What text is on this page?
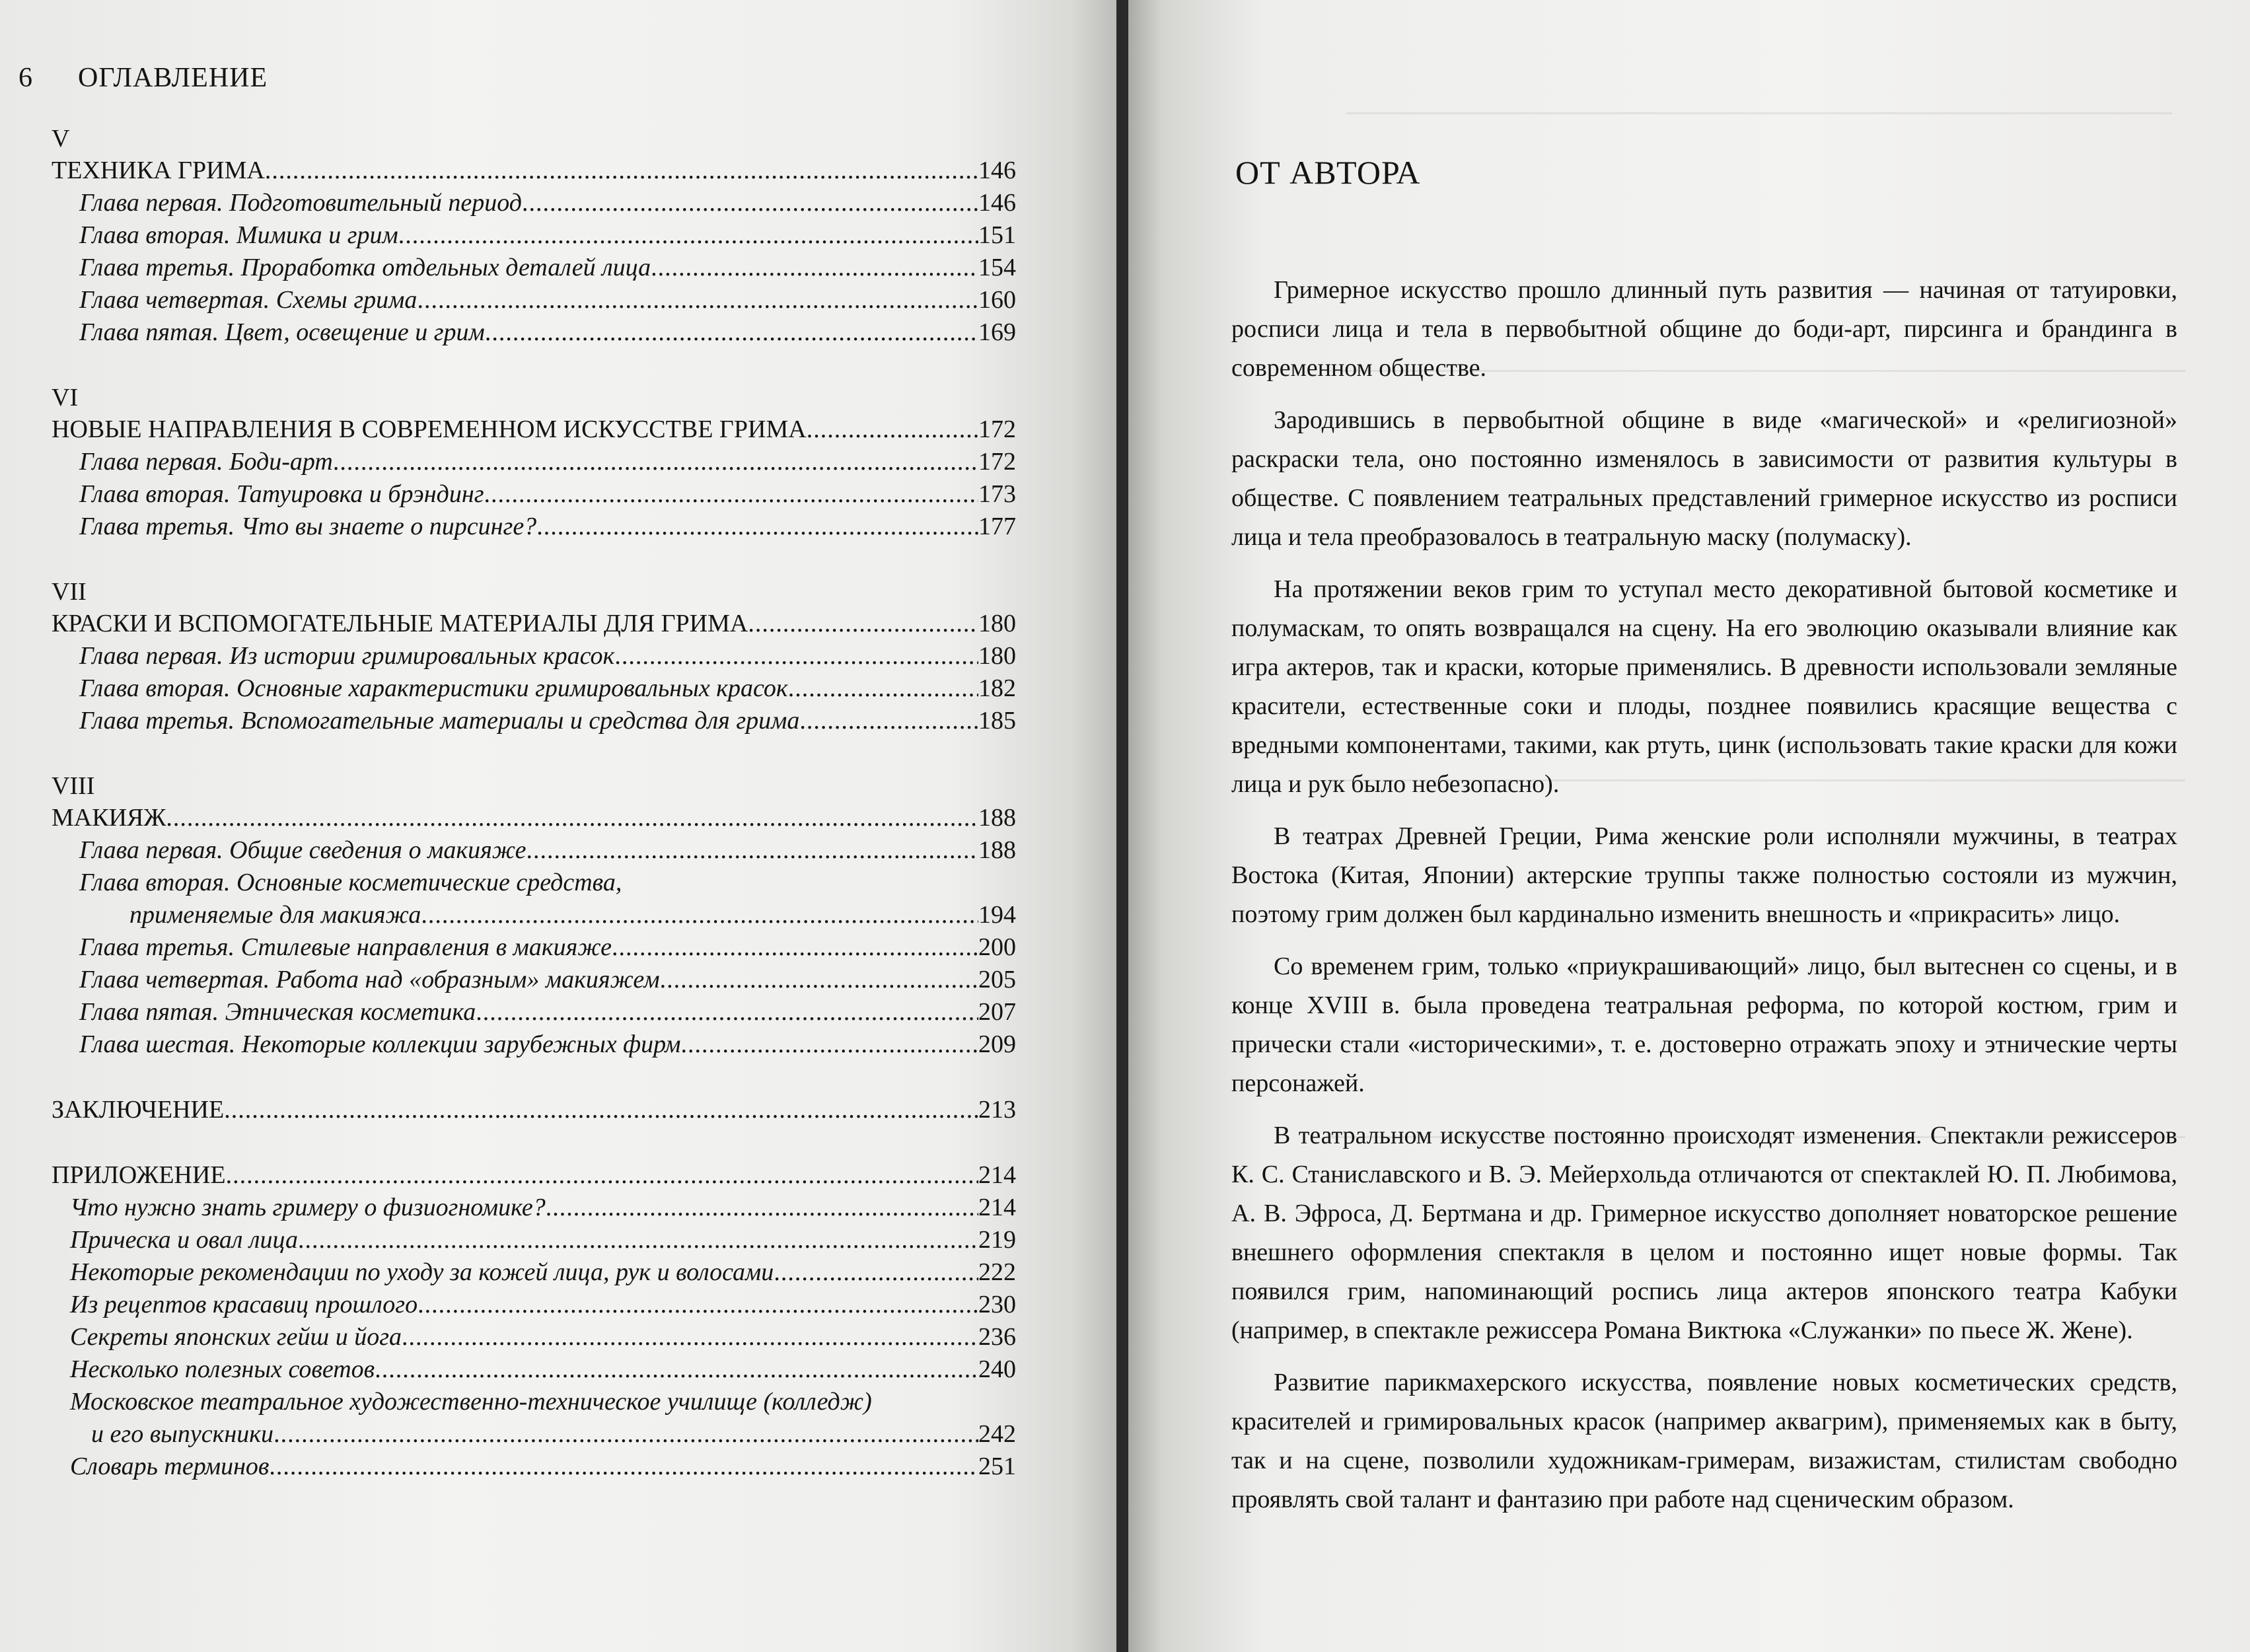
6 ОГЛАВЛЕНИЕ
V
ТЕХНИКА ГРИМА .....	146
Глава первая. Подготовительный период .....	146
Глава вторая. Мимика и грим .....	151
Глава третья. Проработка отдельных деталей лица .....	154
Глава четвертая. Схемы грима .....	160
Глава пятая. Цвет, освещение и грим .....	169
VI
НОВЫЕ НАПРАВЛЕНИЯ В СОВРЕМЕННОМ ИСКУССТВЕ ГРИМА .....	172
Глава первая. Боди-арт .....	172
Глава вторая. Татуировка и брэндинг .....	173
Глава третья. Что вы знаете о пирсинге? .....	177
VII
КРАСКИ И ВСПОМОГАТЕЛЬНЫЕ МАТЕРИАЛЫ ДЛЯ ГРИМА .....	180
Глава первая. Из истории гримировальных красок .....	180
Глава вторая. Основные характеристики гримировальных красок .....	182
Глава третья. Вспомогательные материалы и средства для грима .....	185
VIII
МАКИЯЖ .....	188
Глава первая. Общие сведения о макияже .....	188
Глава вторая. Основные косметические средства,
применяемые для макияжа .....	194
Глава третья. Стилевые направления в макияже .....	200
Глава четвертая. Работа над «образным» макияжем .....	205
Глава пятая. Этническая косметика .....	207
Глава шестая. Некоторые коллекции зарубежных фирм .....	209
ЗАКЛЮЧЕНИЕ .....	213
ПРИЛОЖЕНИЕ .....	214
Что нужно знать гримеру о физиогномике? .....	214
Прическа и овал лица .....	219
Некоторые рекомендации по уходу за кожей лица, рук и волосами .....	222
Из рецептов красавиц прошлого .....	230
Секреты японских гейш и йога .....	236
Несколько полезных советов .....	240
Московское театральное художественно-техническое училище (колледж)
и его выпускники .....	242
Словарь терминов .....	251
ОТ АВТОРА

Гримерное искусство прошло длинный путь развития — начиная от татуировки, росписи лица и тела в первобытной общине до боди-арт, пирсинга и брандинга в современном обществе.

Зародившись в первобытной общине в виде «магической» и «религиозной» раскраски тела, оно постоянно изменялось в зависимости от развития культуры в обществе. С появлением театральных представлений гримерное искусство из росписи лица и тела преобразовалось в театральную маску (полумаску).

На протяжении веков грим то уступал место декоративной бытовой косметике и полумаскам, то опять возвращался на сцену. На его эволюцию оказывали влияние как игра актеров, так и краски, которые применялись. В древности использовали земляные красители, естественные соки и плоды, позднее появились красящие вещества с вредными компонентами, такими, как ртуть, цинк (использовать такие краски для кожи лица и рук было небезопасно).

В театрах Древней Греции, Рима женские роли исполняли мужчины, в театрах Востока (Китая, Японии) актерские труппы также полностью состояли из мужчин, поэтому грим должен был кардинально изменить внешность и «прикрасить» лицо.

Со временем грим, только «приукрашивающий» лицо, был вытеснен со сцены, и в конце XVIII в. была проведена театральная реформа, по которой костюм, грим и прически стали «историческими», т. е. достоверно отражать эпоху и этнические черты персонажей.

В театральном искусстве постоянно происходят изменения. Спектакли режиссеров К. С. Станиславского и В. Э. Мейерхольда отличаются от спектаклей Ю. П. Любимова, А. В. Эфроса, Д. Бертмана и др. Гримерное искусство дополняет новаторское решение внешнего оформления спектакля в целом и постоянно ищет новые формы. Так появился грим, напоминающий роспись лица актеров японского театра Кабуки (например, в спектакле режиссера Романа Виктюка «Служанки» по пьесе Ж. Жене).

Развитие парикмахерского искусства, появление новых косметических средств, красителей и гримировальных красок (например аквагрим), применяемых как в быту, так и на сцене, позволили художникам-гримерам, визажистам, стилистам свободно проявлять свой талант и фантазию при работе над сценическим образом.
